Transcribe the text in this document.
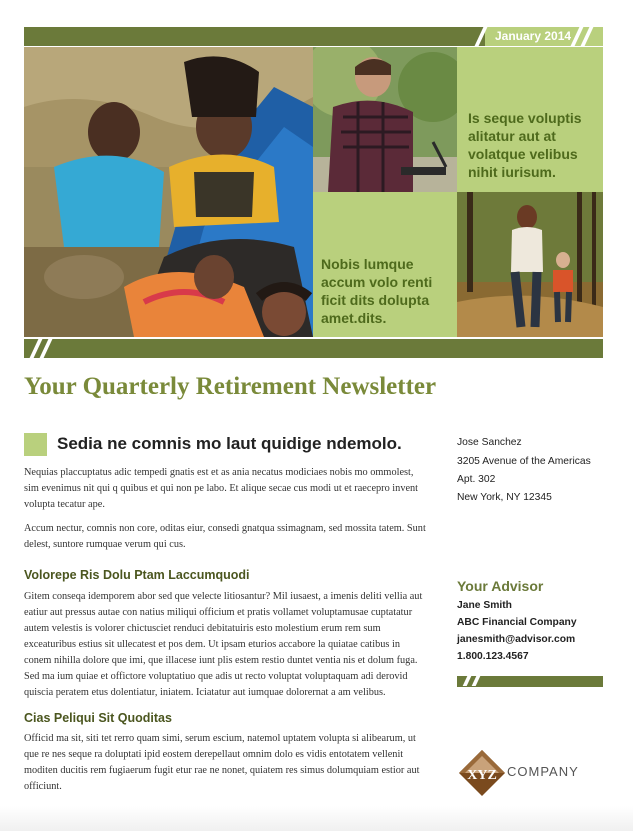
January 2014

Is seque voluptis alitatur aut at volatque velibus nihit iurisum.

Nobis lumque accum volo renti ficit dits dolupta amet.dits.

Your Quarterly Retirement Newsletter
Sedia ne comnis mo laut quidige ndemolo.

Nequias placcuptatus adic tempedi gnatis est et as ania necatus modiciaes nobis mo ommolest, sim evenimus nit qui q quibus et qui non pe labo. Et alique secae cus modi ut et raecepro invent volupta tecatur ape.

Accum nectur, comnis non core, oditas eiur, consedi gnatqua ssimagnam, sed mossita tatem. Sunt delest, suntore rumquae verum qui cus.

Volorepe Ris Dolu Ptam Laccumquodi

Gitem conseqa idemporem abor sed que velecte litiosantur? Mil iusaest, a imenis deliti vellia aut eatiur aut pressus autae con natius miliqui officium et pratis vollamet voluptamusae cuptatatur autem velestis is volorer chictusciet renduci debitatuiris esto molestium erum rem sum exceaturibus estius sit ullecatest et pos dem. Ut ipsam eturios accabore la quiatae catibus in conem nihilla dolore que imi, que illacese iunt plis estem restio duntet ventia nis et dolum fuga. Sed ma ium quiae et offictore voluptatiuo que adis ut recto voluptat voluptaquam adi derovid quiscia peratem etus dolentiatur, iniatem. Iciatatur aut iumquae dolorernat a am velibus.

Cias Peliqui Sit Quoditas

Officid ma sit, siti tet rerro quam simi, serum escium, natemol uptatem volupta si alibearum, ut que re nes seque ra doluptati ipid eostem derepellaut omnim dolo es vidis entotatem vellenit moditen ducitis rem fugiaerum fugit etur rae ne nonet, quiatem res simus dolumquiam estior aut officiunt.

Jose Sanchez

3205 Avenue of the Americas

Apt. 302

New York, NY 12345

Your Advisor

Jane Smith

ABC Financial Company

janesmith@advisor.com

1.800.123.4567

XYZ COMPANY
